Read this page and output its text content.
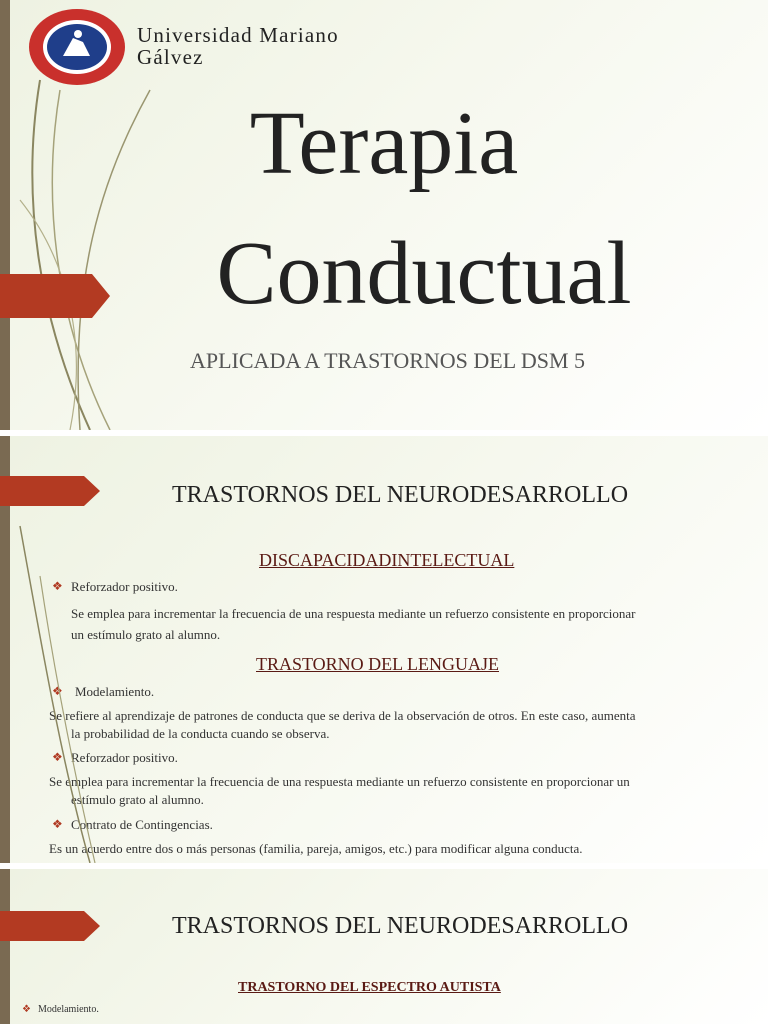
Universidad Mariano Gálvez
Terapia
Conductual
APLICADA A TRASTORNOS DEL DSM 5
TRASTORNOS DEL NEURODESARROLLO
DISCAPACIDADINTELECTUAL
❖ Reforzador positivo.
Se emplea para incrementar la frecuencia de una respuesta mediante un refuerzo consistente en proporcionar
un estímulo grato al alumno.
TRASTORNO DEL LENGUAJE
❖ Modelamiento.
Se refiere al aprendizaje de patrones de conducta que se deriva de la observación de otros. En este caso, aumenta
la probabilidad de la conducta cuando se observa.
❖ Reforzador positivo.
Se emplea para incrementar la frecuencia de una respuesta mediante un refuerzo consistente en proporcionar un
estímulo grato al alumno.
❖ Contrato de Contingencias.
Es un acuerdo entre dos o más personas (familia, pareja, amigos, etc.) para modificar alguna conducta.
TRASTORNOS DEL NEURODESARROLLO
TRASTORNO DEL ESPECTRO AUTISTA
❖ Modelamiento.
